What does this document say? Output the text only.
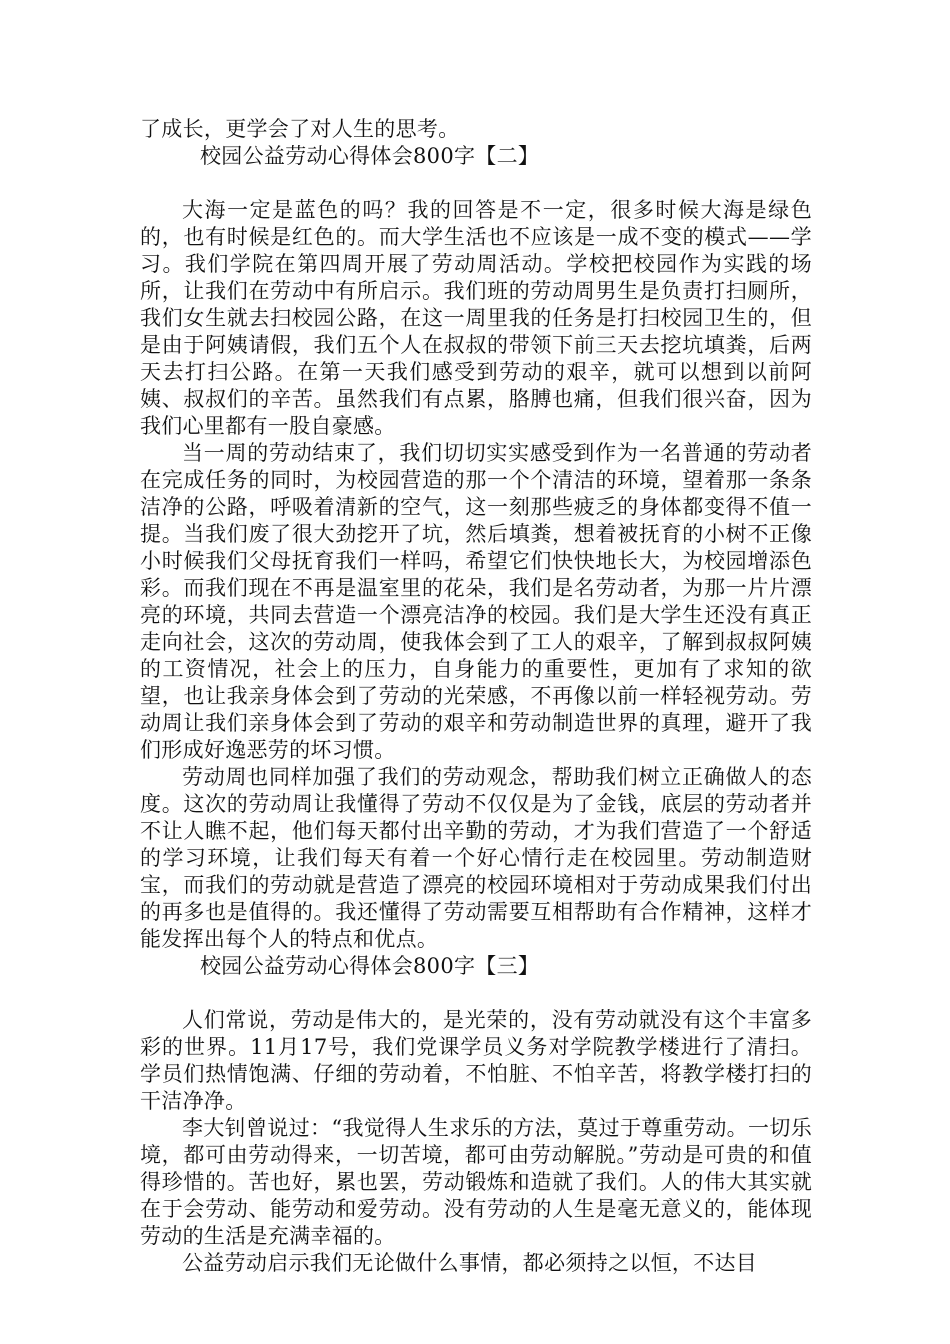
了成长，更学会了对人生的思考。

校园公益劳动心得体会800字【二】

大海一定是蓝色的吗？我的回答是不一定，很多时候大海是绿色的，也有时候是红色的。而大学生活也不应该是一成不变的模式——学习。我们学院在第四周开展了劳动周活动。学校把校园作为实践的场所，让我们在劳动中有所启示。我们班的劳动周男生是负责打扫厕所，我们女生就去扫校园公路，在这一周里我的任务是打扫校园卫生的，但是由于阿姨请假，我们五个人在叔叔的带领下前三天去挖坑填粪，后两天去打扫公路。在第一天我们感受到劳动的艰辛，就可以想到以前阿姨、叔叔们的辛苦。虽然我们有点累，胳膊也痛，但我们很兴奋，因为我们心里都有一股自豪感。

当一周的劳动结束了，我们切切实实感受到作为一名普通的劳动者在完成任务的同时，为校园营造的那一个个清洁的环境，望着那一条条洁净的公路，呼吸着清新的空气，这一刻那些疲乏的身体都变得不值一提。当我们废了很大劲挖开了坑，然后填粪，想着被抚育的小树不正像小时候我们父母抚育我们一样吗，希望它们快快地长大，为校园增添色彩。而我们现在不再是温室里的花朵，我们是名劳动者，为那一片片漂亮的环境，共同去营造一个漂亮洁净的校园。我们是大学生还没有真正走向社会，这次的劳动周，使我体会到了工人的艰辛，了解到叔叔阿姨的工资情况，社会上的压力，自身能力的重要性，更加有了求知的欲望，也让我亲身体会到了劳动的光荣感，不再像以前一样轻视劳动。劳动周让我们亲身体会到了劳动的艰辛和劳动制造世界的真理，避开了我们形成好逸恶劳的坏习惯。

劳动周也同样加强了我们的劳动观念，帮助我们树立正确做人的态度。这次的劳动周让我懂得了劳动不仅仅是为了金钱，底层的劳动者并不让人瞧不起，他们每天都付出辛勤的劳动，才为我们营造了一个舒适的学习环境，让我们每天有着一个好心情行走在校园里。劳动制造财宝，而我们的劳动就是营造了漂亮的校园环境相对于劳动成果我们付出的再多也是值得的。我还懂得了劳动需要互相帮助有合作精神，这样才能发挥出每个人的特点和优点。

校园公益劳动心得体会800字【三】

人们常说，劳动是伟大的，是光荣的，没有劳动就没有这个丰富多彩的世界。11月17号，我们党课学员义务对学院教学楼进行了清扫。学员们热情饱满、仔细的劳动着，不怕脏、不怕辛苦，将教学楼打扫的干洁净净。

李大钊曾说过：“我觉得人生求乐的方法，莫过于尊重劳动。一切乐境，都可由劳动得来，一切苦境，都可由劳动解脱。”劳动是可贵的和值得珍惜的。苦也好，累也罢，劳动锻炼和造就了我们。人的伟大其实就在于会劳动、能劳动和爱劳动。没有劳动的人生是毫无意义的，能体现劳动的生活是充满幸福的。

公益劳动启示我们无论做什么事情，都必须持之以恒，不达目
